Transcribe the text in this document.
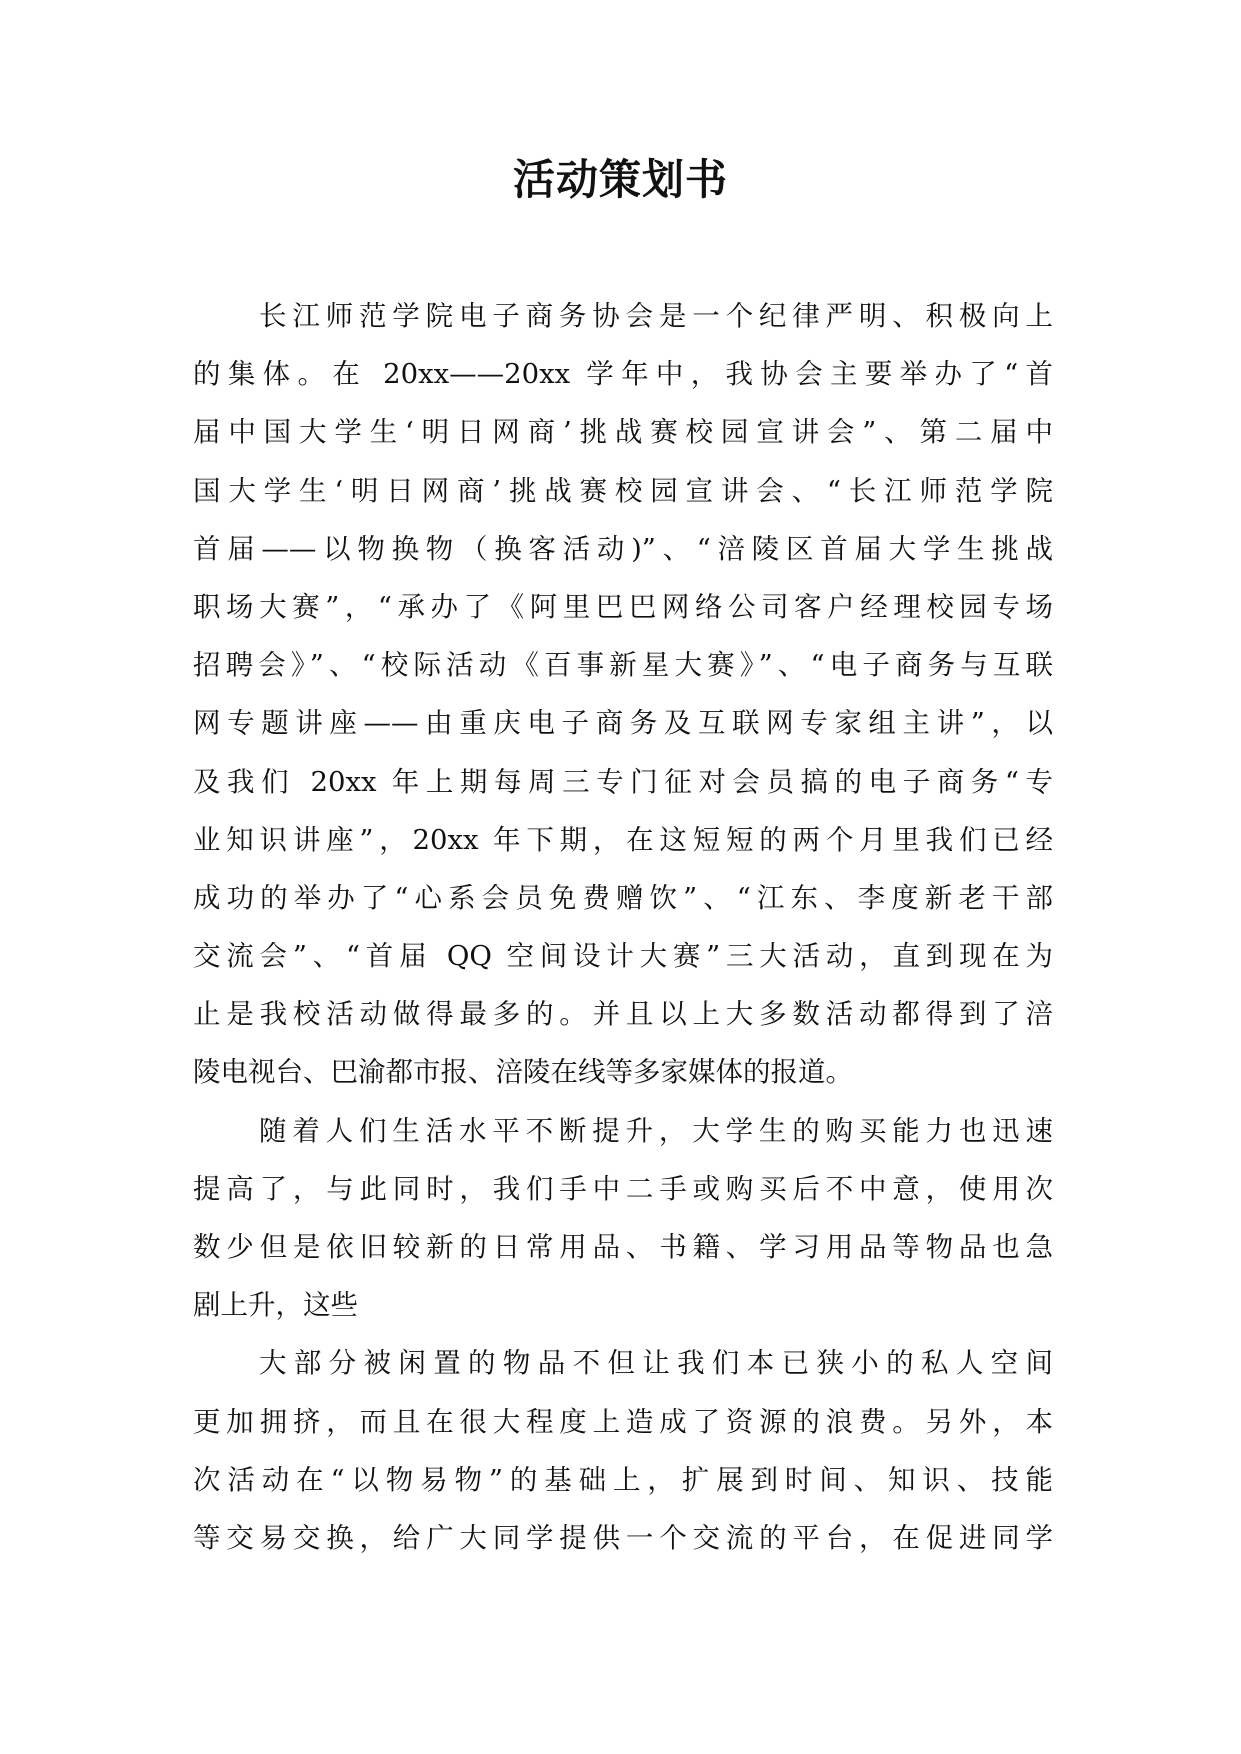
活动策划书
长江师范学院电子商务协会是一个纪律严明、积极向上
的集体。在 20xx——20xx 学年中，我协会主要举办了“首
届中国大学生‘明日网商’挑战赛校园宣讲会”、第二届中
国大学生‘明日网商’挑战赛校园宣讲会、“长江师范学院
首届——以物换物（换客活动)”、“涪陵区首届大学生挑战
职场大赛”，“承办了《阿里巴巴网络公司客户经理校园专场
招聘会》”、“校际活动《百事新星大赛》”、“电子商务与互联
网专题讲座——由重庆电子商务及互联网专家组主讲”，以
及我们 20xx 年上期每周三专门征对会员搞的电子商务“专
业知识讲座”，20xx 年下期，在这短短的两个月里我们已经
成功的举办了“心系会员免费赠饮”、“江东、李度新老干部
交流会”、“首届 QQ 空间设计大赛”三大活动，直到现在为
止是我校活动做得最多的。并且以上大多数活动都得到了涪
陵电视台、巴渝都市报、涪陵在线等多家媒体的报道。
随着人们生活水平不断提升，大学生的购买能力也迅速
提高了，与此同时，我们手中二手或购买后不中意，使用次
数少但是依旧较新的日常用品、书籍、学习用品等物品也急
剧上升，这些
大部分被闲置的物品不但让我们本已狭小的私人空间
更加拥挤，而且在很大程度上造成了资源的浪费。另外，本
次活动在“以物易物”的基础上，扩展到时间、知识、技能
等交易交换，给广大同学提供一个交流的平台，在促进同学
